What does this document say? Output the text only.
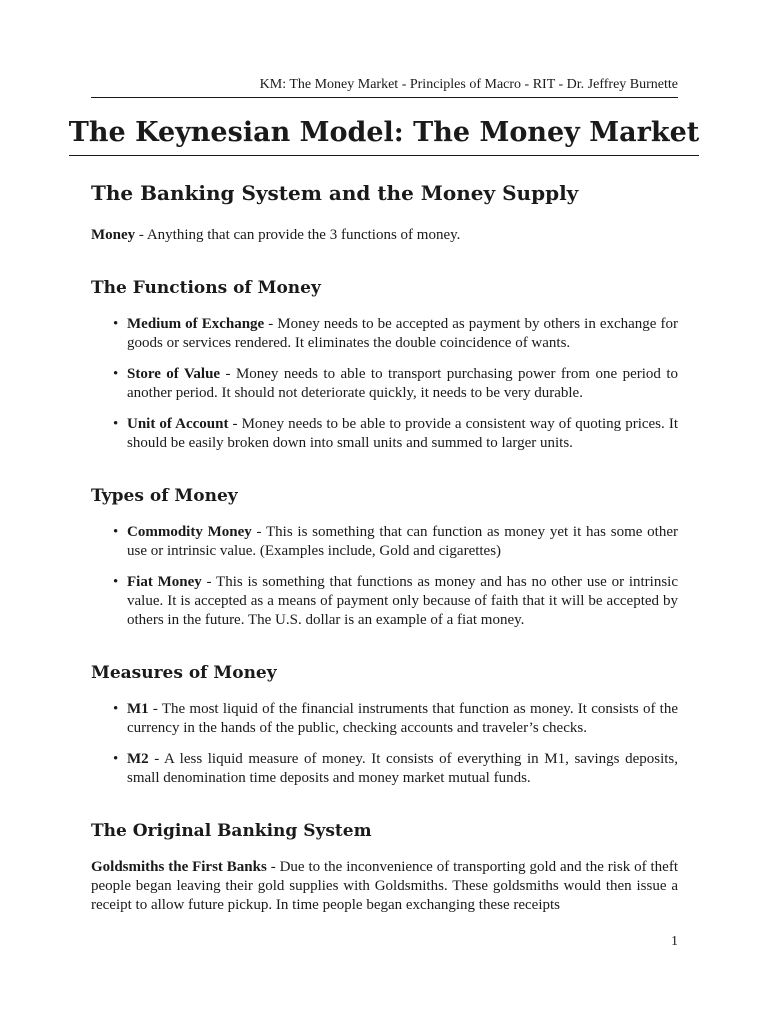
KM: The Money Market - Principles of Macro - RIT - Dr. Jeffrey Burnette
The Keynesian Model: The Money Market
The Banking System and the Money Supply

Money - Anything that can provide the 3 functions of money.

The Functions of Money
• Medium of Exchange - Money needs to be accepted as payment by others in exchange for goods or services rendered. It eliminates the double coincidence of wants.
• Store of Value - Money needs to able to transport purchasing power from one period to another period. It should not deteriorate quickly, it needs to be very durable.
• Unit of Account - Money needs to be able to provide a consistent way of quoting prices. It should be easily broken down into small units and summed to larger units.
Types of Money
• Commodity Money - This is something that can function as money yet it has some other use or intrinsic value. (Examples include, Gold and cigarettes)
• Fiat Money - This is something that functions as money and has no other use or intrinsic value. It is accepted as a means of payment only because of faith that it will be accepted by others in the future. The U.S. dollar is an example of a fiat money.
Measures of Money
• M1 - The most liquid of the financial instruments that function as money. It consists of the currency in the hands of the public, checking accounts and traveler’s checks.
• M2 - A less liquid measure of money. It consists of everything in M1, savings deposits, small denomination time deposits and money market mutual funds.
The Original Banking System

Goldsmiths the First Banks - Due to the inconvenience of transporting gold and the risk of theft people began leaving their gold supplies with Goldsmiths. These goldsmiths would then issue a receipt to allow future pickup. In time people began exchanging these receipts

1
